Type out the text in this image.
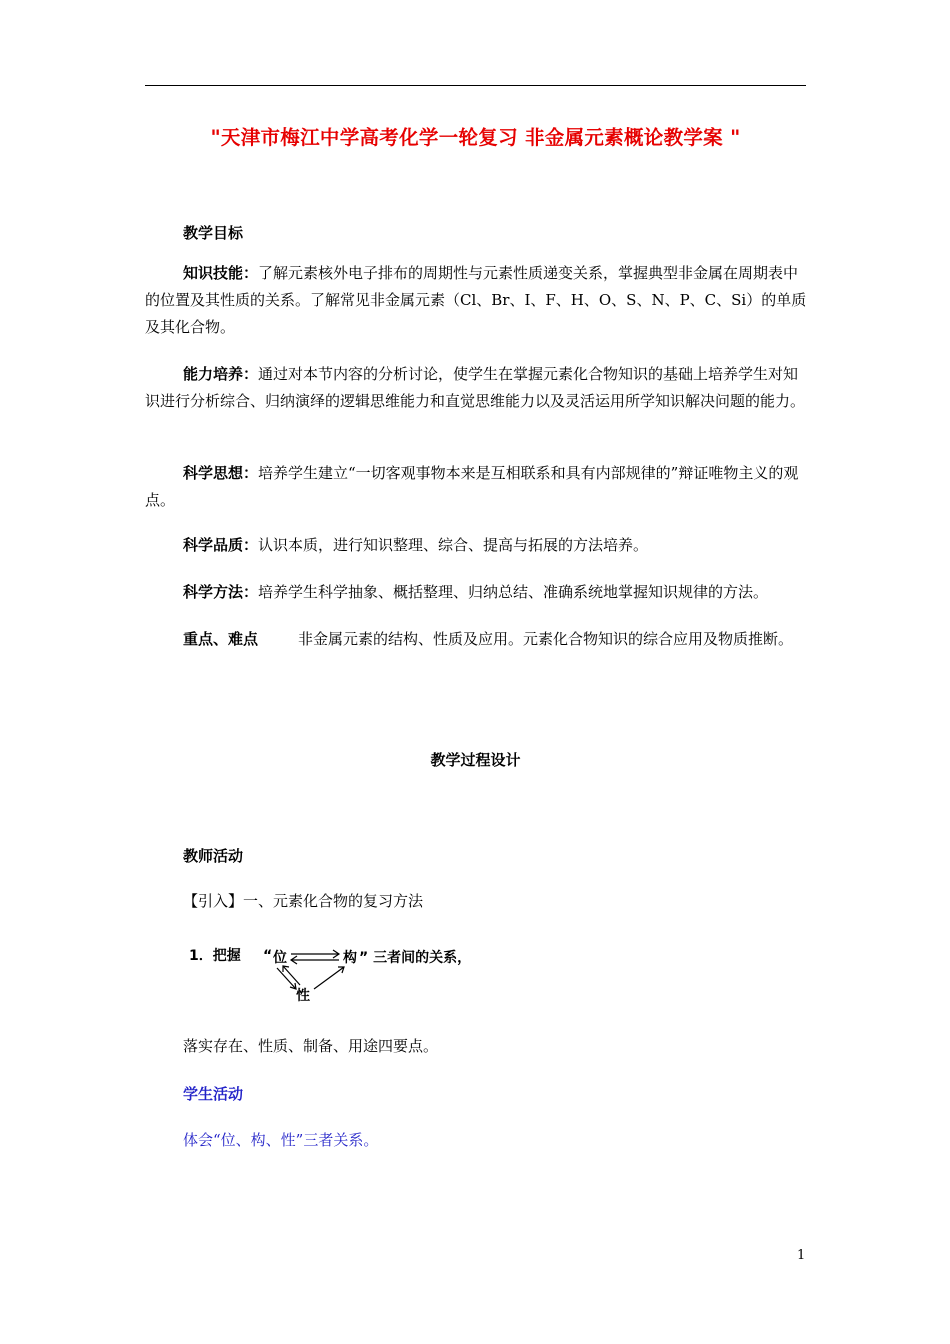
"天津市梅江中学高考化学一轮复习 非金属元素概论教学案 "
教学目标
知识技能：了解元素核外电子排布的周期性与元素性质递变关系，掌握典型非金属在周期表中的位置及其性质的关系。了解常见非金属元素（Cl、Br、I、F、H、O、S、N、P、C、Si）的单质及其化合物。
能力培养：通过对本节内容的分析讨论，使学生在掌握元素化合物知识的基础上培养学生对知识进行分析综合、归纳演绎的逻辑思维能力和直觉思维能力以及灵活运用所学知识解决问题的能力。
科学思想：培养学生建立“一切客观事物本来是互相联系和具有内部规律的”辩证唯物主义的观点。
科学品质：认识本质，进行知识整理、综合、提高与拓展的方法培养。
科学方法：培养学生科学抽象、概括整理、归纳总结、准确系统地掌握知识规律的方法。
重点、难点	非金属元素的结构、性质及应用。元素化合物知识的综合应用及物质推断。
教学过程设计
教师活动
【引入】一、元素化合物的复习方法
1．把握 “ 位	构 ” 三者间的关系，
性
落实存在、性质、制备、用途四要点。
学生活动
体会“位、构、性”三者关系。
1
